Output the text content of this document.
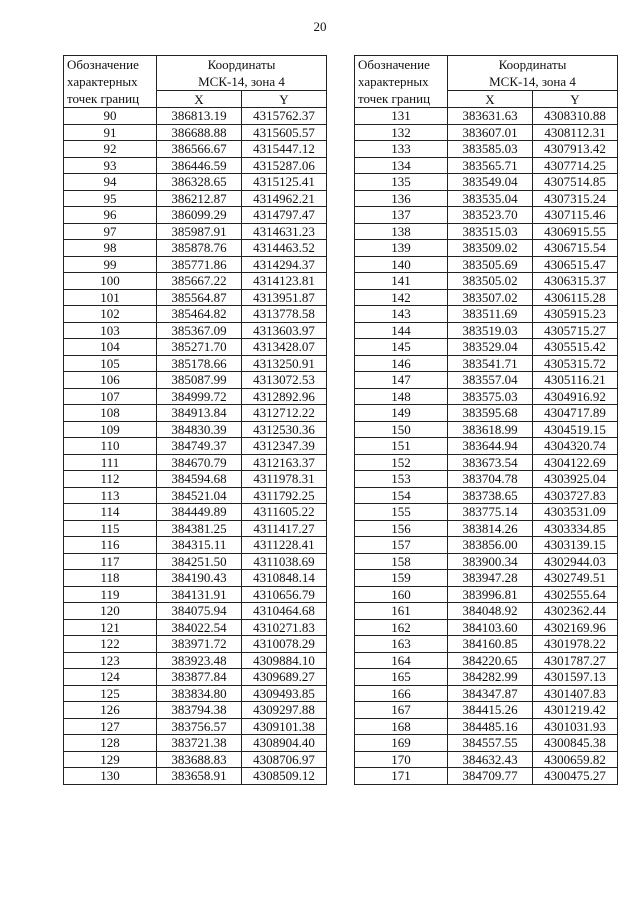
20
Обозначение
характерных
точек границ	Координаты
МСК-14, зона 4	

	X	Y
90	386813.19	4315762.37
91	386688.88	4315605.57
92	386566.67	4315447.12
93	386446.59	4315287.06
94	386328.65	4315125.41
95	386212.87	4314962.21
96	386099.29	4314797.47
97	385987.91	4314631.23
98	385878.76	4314463.52
99	385771.86	4314294.37
100	385667.22	4314123.81
101	385564.87	4313951.87
102	385464.82	4313778.58
103	385367.09	4313603.97
104	385271.70	4313428.07
105	385178.66	4313250.91
106	385087.99	4313072.53
107	384999.72	4312892.96
108	384913.84	4312712.22
109	384830.39	4312530.36
110	384749.37	4312347.39
111	384670.79	4312163.37
112	384594.68	4311978.31
113	384521.04	4311792.25
114	384449.89	4311605.22
115	384381.25	4311417.27
116	384315.11	4311228.41
117	384251.50	4311038.69
118	384190.43	4310848.14
119	384131.91	4310656.79
120	384075.94	4310464.68
121	384022.54	4310271.83
122	383971.72	4310078.29
123	383923.48	4309884.10
124	383877.84	4309689.27
125	383834.80	4309493.85
126	383794.38	4309297.88
127	383756.57	4309101.38
128	383721.38	4308904.40
129	383688.83	4308706.97
130	383658.91	4308509.12
Обозначение
характерных
точек границ	Координаты
МСК-14, зона 4	

	X	Y
131	383631.63	4308310.88
132	383607.01	4308112.31
133	383585.03	4307913.42
134	383565.71	4307714.25
135	383549.04	4307514.85
136	383535.04	4307315.24
137	383523.70	4307115.46
138	383515.03	4306915.55
139	383509.02	4306715.54
140	383505.69	4306515.47
141	383505.02	4306315.37
142	383507.02	4306115.28
143	383511.69	4305915.23
144	383519.03	4305715.27
145	383529.04	4305515.42
146	383541.71	4305315.72
147	383557.04	4305116.21
148	383575.03	4304916.92
149	383595.68	4304717.89
150	383618.99	4304519.15
151	383644.94	4304320.74
152	383673.54	4304122.69
153	383704.78	4303925.04
154	383738.65	4303727.83
155	383775.14	4303531.09
156	383814.26	4303334.85
157	383856.00	4303139.15
158	383900.34	4302944.03
159	383947.28	4302749.51
160	383996.81	4302555.64
161	384048.92	4302362.44
162	384103.60	4302169.96
163	384160.85	4301978.22
164	384220.65	4301787.27
165	384282.99	4301597.13
166	384347.87	4301407.83
167	384415.26	4301219.42
168	384485.16	4301031.93
169	384557.55	4300845.38
170	384632.43	4300659.82
171	384709.77	4300475.27
